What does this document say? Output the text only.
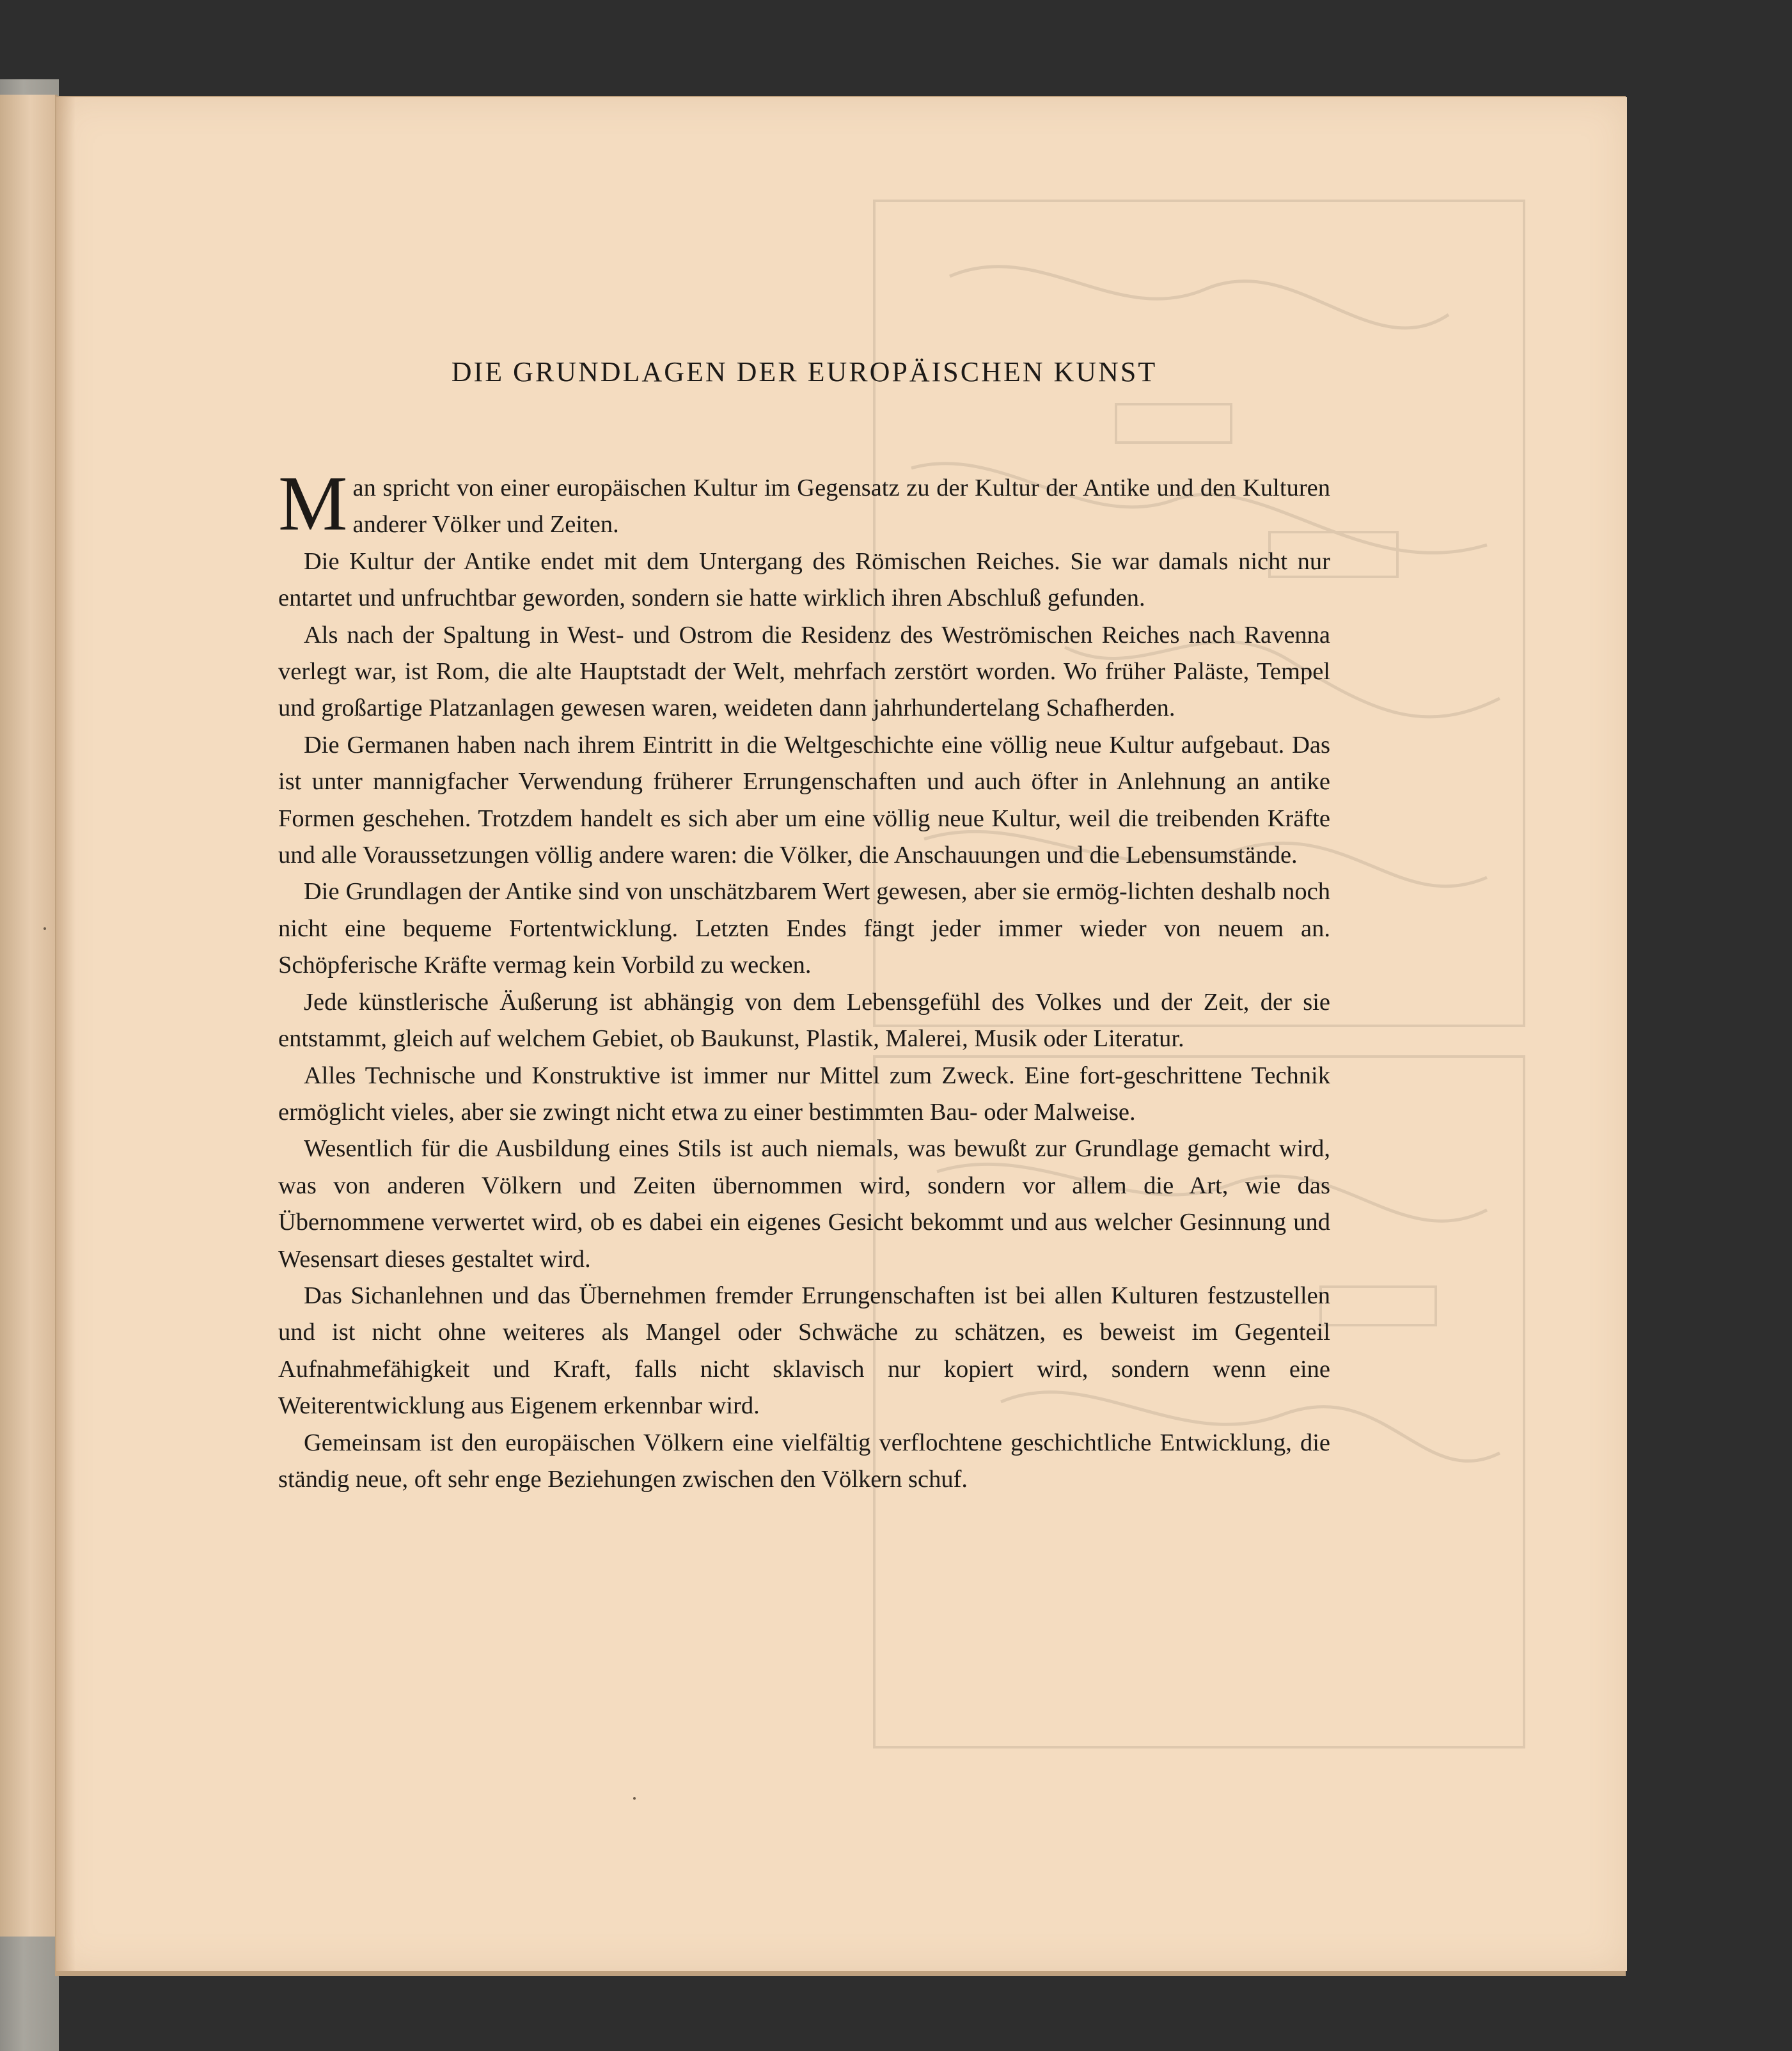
DIE GRUNDLAGEN DER EUROPÄISCHEN KUNST

Man spricht von einer europäischen Kultur im Gegensatz zu der Kultur der Antike und den Kulturen anderer Völker und Zeiten.

Die Kultur der Antike endet mit dem Untergang des Römischen Reiches. Sie war damals nicht nur entartet und unfruchtbar geworden, sondern sie hatte wirklich ihren Abschluß gefunden.

Als nach der Spaltung in West- und Ostrom die Residenz des Weströmischen Reiches nach Ravenna verlegt war, ist Rom, die alte Hauptstadt der Welt, mehrfach zerstört worden. Wo früher Paläste, Tempel und großartige Platzanlagen gewesen waren, weideten dann jahrhundertelang Schafherden.

Die Germanen haben nach ihrem Eintritt in die Weltgeschichte eine völlig neue Kultur aufgebaut. Das ist unter mannigfacher Verwendung früherer Errungenschaften und auch öfter in Anlehnung an antike Formen geschehen. Trotzdem handelt es sich aber um eine völlig neue Kultur, weil die treibenden Kräfte und alle Voraussetzungen völlig andere waren: die Völker, die Anschauungen und die Lebensumstände.

Die Grundlagen der Antike sind von unschätzbarem Wert gewesen, aber sie ermög-lichten deshalb noch nicht eine bequeme Fortentwicklung. Letzten Endes fängt jeder immer wieder von neuem an. Schöpferische Kräfte vermag kein Vorbild zu wecken.

Jede künstlerische Äußerung ist abhängig von dem Lebensgefühl des Volkes und der Zeit, der sie entstammt, gleich auf welchem Gebiet, ob Baukunst, Plastik, Malerei, Musik oder Literatur.

Alles Technische und Konstruktive ist immer nur Mittel zum Zweck. Eine fort-geschrittene Technik ermöglicht vieles, aber sie zwingt nicht etwa zu einer bestimmten Bau- oder Malweise.

Wesentlich für die Ausbildung eines Stils ist auch niemals, was bewußt zur Grundlage gemacht wird, was von anderen Völkern und Zeiten übernommen wird, sondern vor allem die Art, wie das Übernommene verwertet wird, ob es dabei ein eigenes Gesicht bekommt und aus welcher Gesinnung und Wesensart dieses gestaltet wird.

Das Sichanlehnen und das Übernehmen fremder Errungenschaften ist bei allen Kulturen festzustellen und ist nicht ohne weiteres als Mangel oder Schwäche zu schätzen, es beweist im Gegenteil Aufnahmefähigkeit und Kraft, falls nicht sklavisch nur kopiert wird, sondern wenn eine Weiterentwicklung aus Eigenem erkennbar wird.

Gemeinsam ist den europäischen Völkern eine vielfältig verflochtene geschichtliche Entwicklung, die ständig neue, oft sehr enge Beziehungen zwischen den Völkern schuf.
